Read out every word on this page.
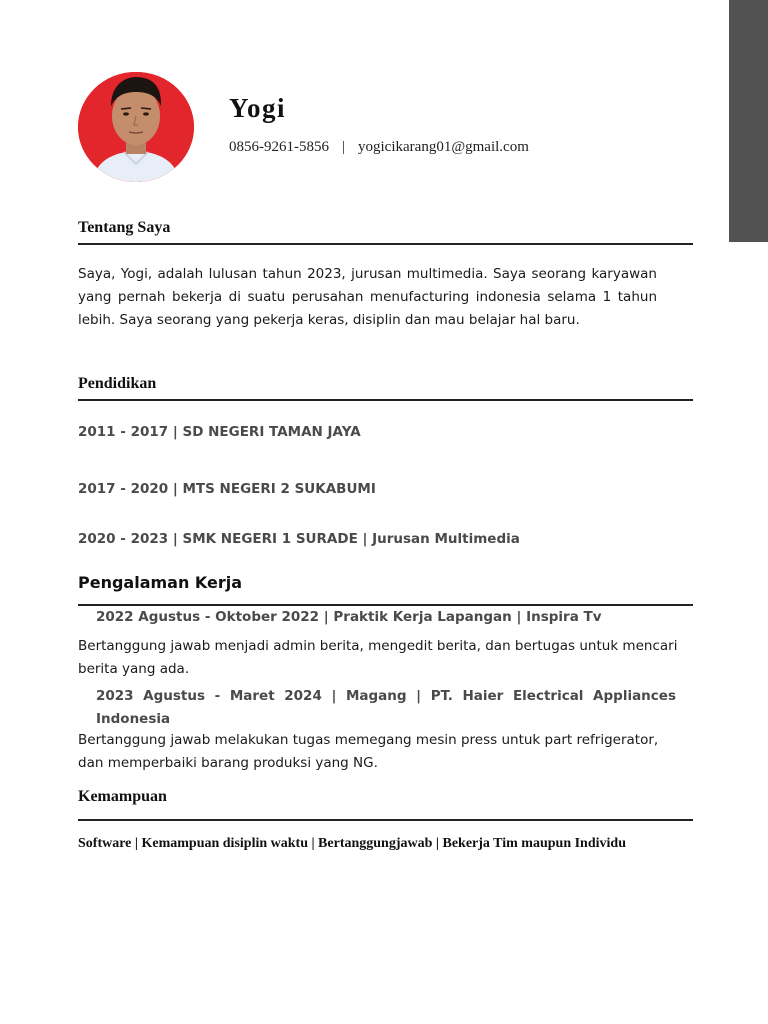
Yogi
0856-9261-5856 | yogicikarang01@gmail.com
Tentang Saya
Saya, Yogi, adalah lulusan tahun 2023, jurusan multimedia. Saya seorang karyawan yang pernah bekerja di suatu perusahan menufacturing indonesia selama 1 tahun lebih. Saya seorang yang pekerja keras, disiplin dan mau belajar hal baru.
Pendidikan
2011 - 2017 | SD NEGERI TAMAN JAYA
2017 - 2020 | MTS NEGERI 2 SUKABUMI
2020 - 2023 | SMK NEGERI 1 SURADE | Jurusan Multimedia
Pengalaman Kerja
2022 Agustus - Oktober 2022 | Praktik Kerja Lapangan | Inspira Tv
Bertanggung jawab menjadi admin berita, mengedit berita, dan bertugas untuk mencari berita yang ada.
2023 Agustus - Maret 2024 | Magang | PT. Haier Electrical Appliances Indonesia
Bertanggung jawab melakukan tugas memegang mesin press untuk part refrigerator, dan memperbaiki barang produksi yang NG.
Kemampuan
Software | Kemampuan disiplin waktu | Bertanggungjawab | Bekerja Tim maupun Individu
